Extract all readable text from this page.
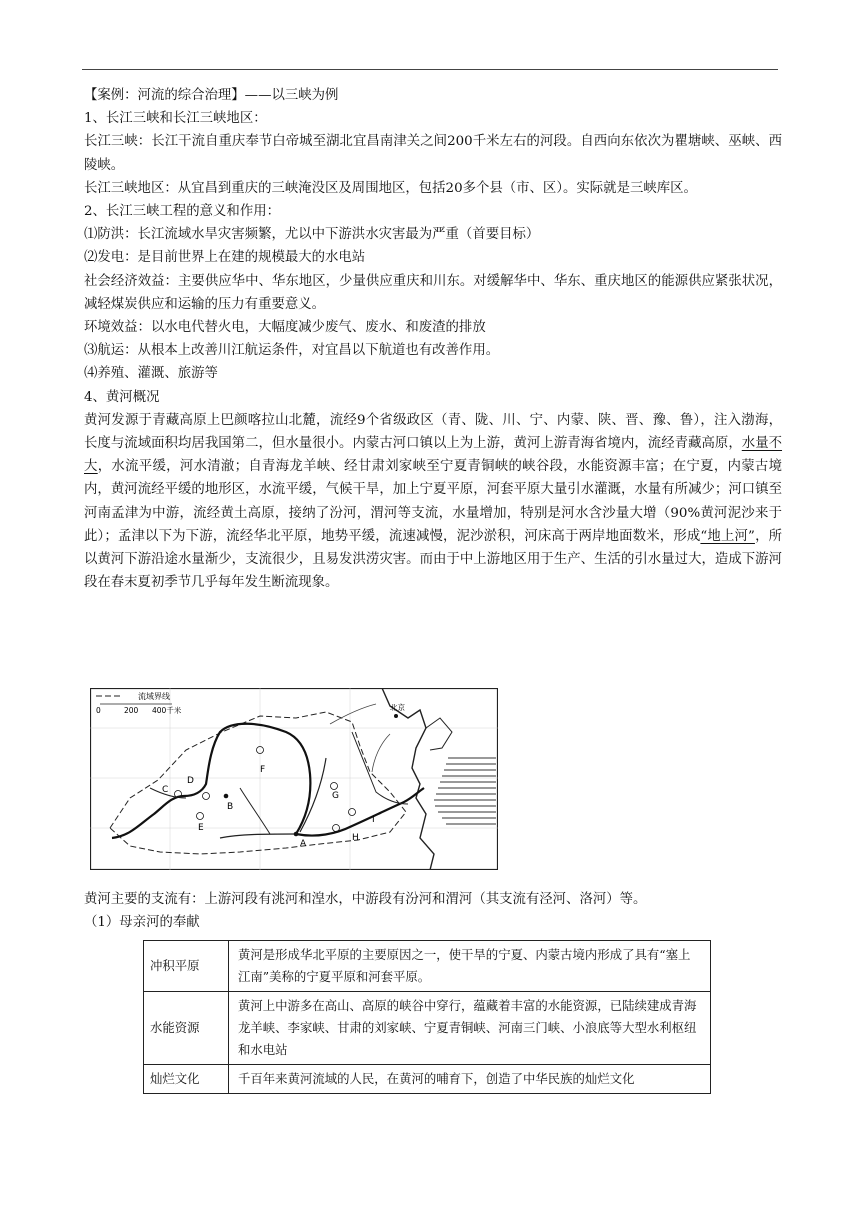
【案例：河流的综合治理】——以三峡为例

1、长江三峡和长江三峡地区：

长江三峡：长江干流自重庆奉节白帝城至湖北宜昌南津关之间200千米左右的河段。自西向东依次为瞿塘峡、巫峡、西陵峡。

长江三峡地区：从宜昌到重庆的三峡淹没区及周围地区，包括20多个县（市、区）。实际就是三峡库区。

2、长江三峡工程的意义和作用：

⑴防洪：长江流域水旱灾害频繁，尤以中下游洪水灾害最为严重（首要目标）

⑵发电：是目前世界上在建的规模最大的水电站

社会经济效益：主要供应华中、华东地区，少量供应重庆和川东。对缓解华中、华东、重庆地区的能源供应紧张状况，减轻煤炭供应和运输的压力有重要意义。

环境效益：以水电代替火电，大幅度减少废气、废水、和废渣的排放

⑶航运：从根本上改善川江航运条件，对宜昌以下航道也有改善作用。

⑷养殖、灌溉、旅游等

4、黄河概况

黄河发源于青藏高原上巴颜喀拉山北麓，流经9个省级政区（青、陇、川、宁、内蒙、陕、晋、豫、鲁），注入渤海，长度与流域面积均居我国第二，但水量很小。内蒙古河口镇以上为上游，黄河上游青海省境内，流经青藏高原，水量不大，水流平缓，河水清澈；自青海龙羊峡、经甘肃刘家峡至宁夏青铜峡的峡谷段，水能资源丰富；在宁夏，内蒙古境内，黄河流经平缓的地形区，水流平缓，气候干旱，加上宁夏平原，河套平原大量引水灌溉，水量有所减少；河口镇至河南孟津为中游，流经黄土高原，接纳了汾河，渭河等支流，水量增加，特别是河水含沙量大增（90%黄河泥沙来于此）；孟津以下为下游，流经华北平原，地势平缓，流速减慢，泥沙淤积，河床高于两岸地面数米，形成“地上河”，所以黄河下游沿途水量渐少，支流很少，且易发洪涝灾害。而由于中上游地区用于生产、生活的引水量过大，造成下游河段在春末夏初季节几乎每年发生断流现象。

流域界线
0	200 400千米	北京
A
B
C
D
E
F
G
H
I

黄河主要的支流有：上游河段有洮河和湟水，中游段有汾河和渭河（其支流有泾河、洛河）等。

（1）母亲河的奉献

冲积平原	黄河是形成华北平原的主要原因之一，使干旱的宁夏、内蒙古境内形成了具有“塞上江南”美称的宁夏平原和河套平原。
水能资源	黄河上中游多在高山、高原的峡谷中穿行，蕴藏着丰富的水能资源，已陆续建成青海龙羊峡、李家峡、甘肃的刘家峡、宁夏青铜峡、河南三门峡、小浪底等大型水利枢纽和水电站
灿烂文化	千百年来黄河流域的人民，在黄河的哺育下，创造了中华民族的灿烂文化
